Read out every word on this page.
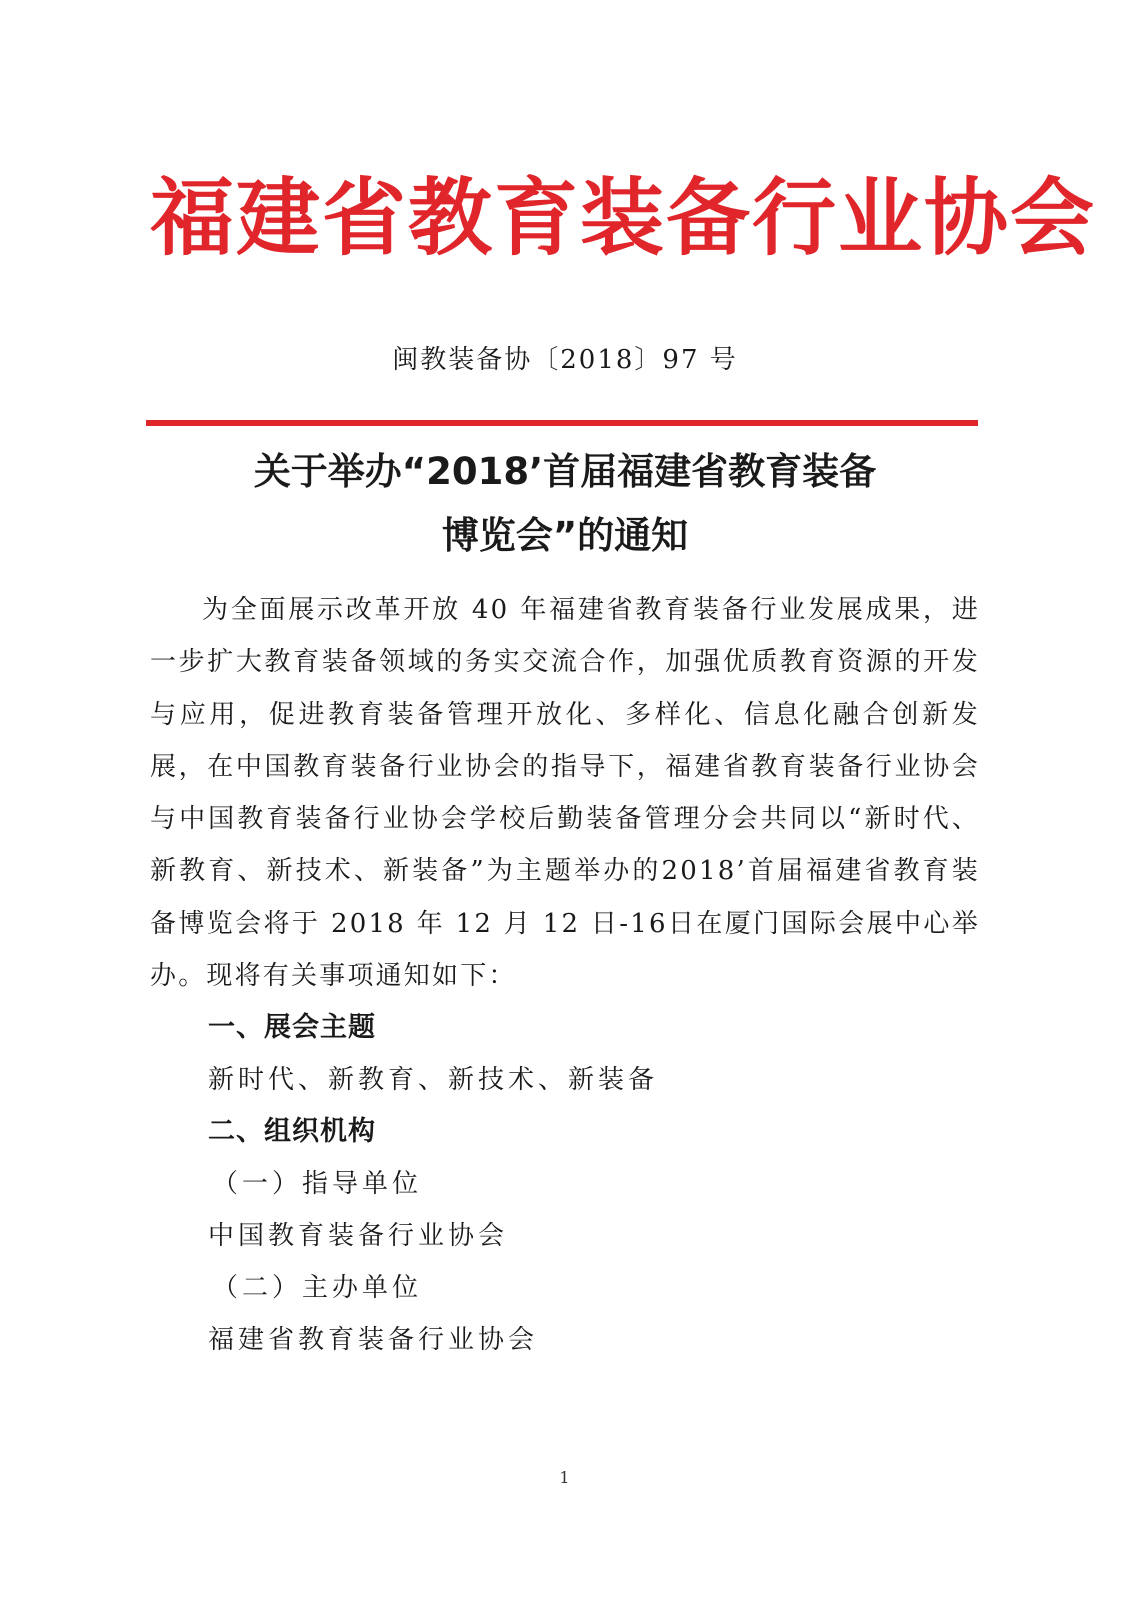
福建省教育装备行业协会
闽教装备协〔2018〕97 号
关于举办“2018’首届福建省教育装备
博览会”的通知

为全面展示改革开放 40 年福建省教育装备行业发展成果，进一步扩大教育装备领域的务实交流合作，加强优质教育资源的开发与应用，促进教育装备管理开放化、多样化、信息化融合创新发展，在中国教育装备行业协会的指导下，福建省教育装备行业协会与中国教育装备行业协会学校后勤装备管理分会共同以“新时代、新教育、新技术、新装备”为主题举办的2018’首届福建省教育装备博览会将于 2018 年 12 月 12 日-16日在厦门国际会展中心举办。现将有关事项通知如下：

一、展会主题

新时代、新教育、新技术、新装备

二、组织机构

（一）指导单位

中国教育装备行业协会

（二）主办单位

福建省教育装备行业协会

1
